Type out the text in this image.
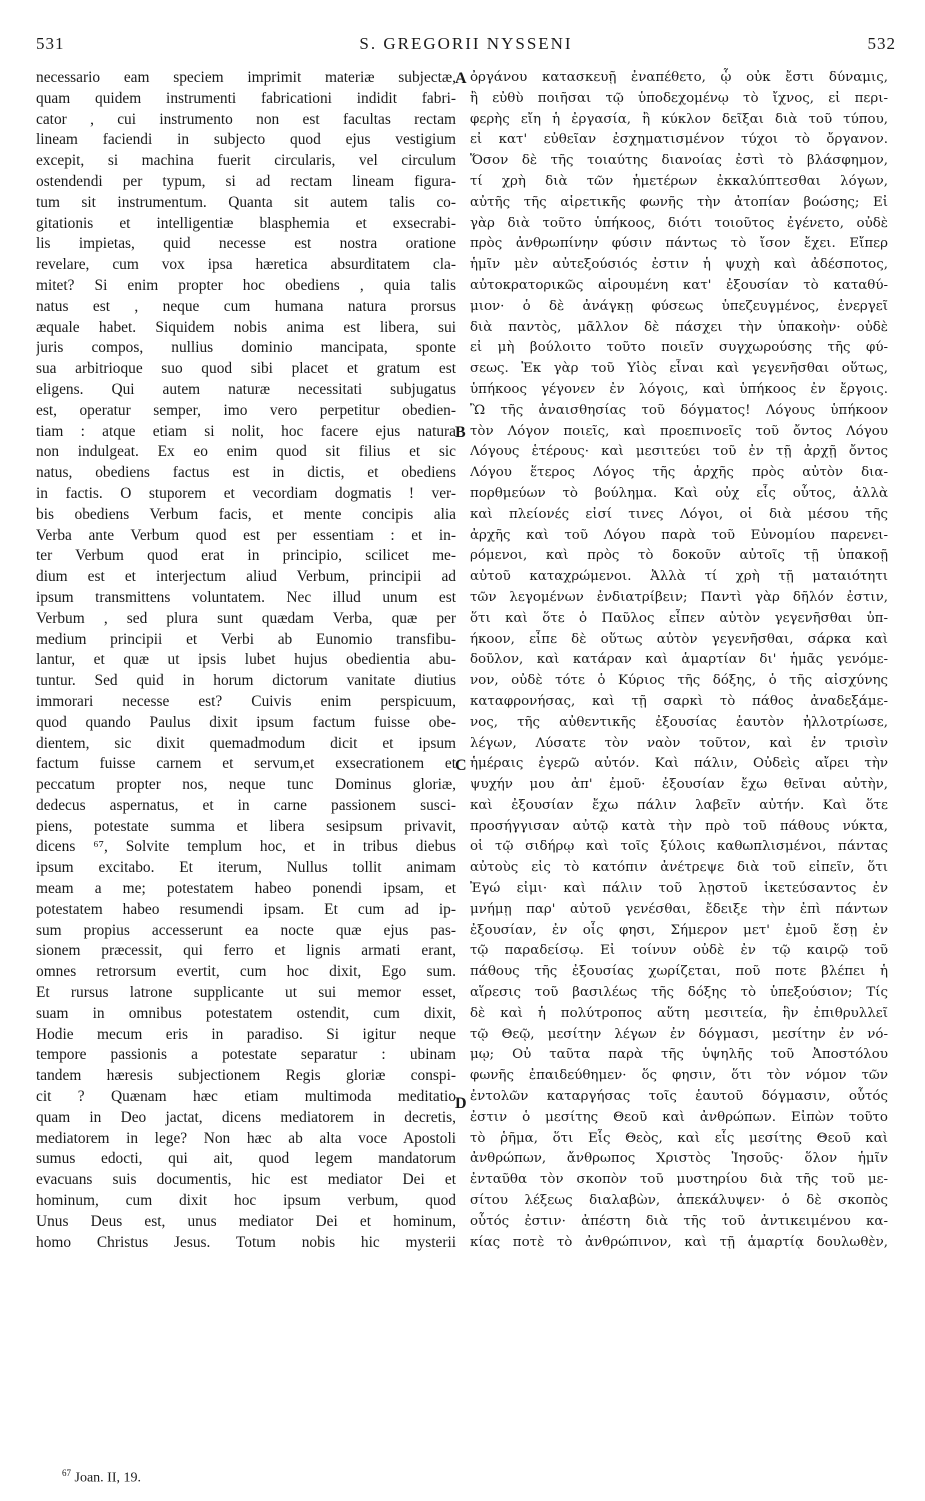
531	S. GREGORII NYSSENI	532
necessario eam speciem imprimit materiæ subjectæ,
quam quidem instrumenti fabricationi indidit fabri-
cator , cui instrumento non est facultas rectam
lineam faciendi in subjecto quod ejus vestigium
excepit, si machina fuerit circularis, vel circulum
ostendendi per typum, si ad rectam lineam figura-
tum sit instrumentum. Quanta sit autem talis co-
gitationis et intelligentiæ blasphemia et exsecrabi-
lis impietas, quid necesse est nostra oratione
revelare, cum vox ipsa hæretica absurditatem cla-
mitet? Si enim propter hoc obediens , quia talis
natus est , neque cum humana natura prorsus
æquale habet. Siquidem nobis anima est libera, sui
juris compos, nullius dominio mancipata, sponte
sua arbitrioque suo quod sibi placet et gratum est
eligens. Qui autem naturæ necessitati subjugatus
est, operatur semper, imo vero perpetitur obedien-
tiam : atque etiam si nolit, hoc facere ejus natura
non indulgeat. Ex eo enim quod sit filius et sic
natus, obediens factus est in dictis, et obediens
in factis. O stuporem et vecordiam dogmatis ! ver-
bis obediens Verbum facis, et mente concipis alia
Verba ante Verbum quod est per essentiam : et in-
ter Verbum quod erat in principio, scilicet me-
dium est et interjectum aliud Verbum, principii ad
ipsum transmittens voluntatem. Nec illud unum est
Verbum , sed plura sunt quædam Verba, quæ per
medium principii et Verbi ab Eunomio transfibu-
lantur, et quæ ut ipsis lubet hujus obedientia abu-
tuntur. Sed quid in horum dictorum vanitate diutius
immorari necesse est? Cuivis enim perspicuum,
quod quando Paulus dixit ipsum factum fuisse obe-
dientem, sic dixit quemadmodum dicit et ipsum
factum fuisse carnem et servum,et exsecrationem et
peccatum propter nos, neque tunc Dominus gloriæ,
dedecus aspernatus, et in carne passionem susci-
piens, potestate summa et libera sesipsum privavit,
dicens ⁶⁷, Solvite templum hoc, et in tribus diebus
ipsum excitabo. Et iterum, Nullus tollit animam
meam a me; potestatem habeo ponendi ipsam, et
potestatem habeo resumendi ipsam. Et cum ad ip-
sum propius accesserunt ea nocte quæ ejus pas-
sionem præcessit, qui ferro et lignis armati erant,
omnes retrorsum evertit, cum hoc dixit, Ego sum.
Et rursus latrone supplicante ut sui memor esset,
suam in omnibus potestatem ostendit, cum dixit,
Hodie mecum eris in paradiso. Si igitur neque
tempore passionis a potestate separatur : ubinam
tandem hæresis subjectionem Regis gloriæ conspi-
cit ? Quænam hæc etiam multimoda meditatio
quam in Deo jactat, dicens mediatorem in decretis,
mediatorem in lege? Non hæc ab alta voce Apostoli
sumus edocti, qui ait, quod legem mandatorum
evacuans suis documentis, hic est mediator Dei et
hominum, cum dixit hoc ipsum verbum, quod
Unus Deus est, unus mediator Dei et hominum,
homo Christus Jesus. Totum nobis hic mysterii
ὀργάνου κατασκευῇ ἐναπέθετο, ᾧ οὐκ ἔστι δύναμις,
ἢ εὐθὺ ποιῆσαι τῷ ὑποδεχομένῳ τὸ ἴχνος, εἰ περι-
φερὴς εἴη ἡ ἐργασία, ἢ κύκλον δεῖξαι διὰ τοῦ τύπου,
εἰ κατ' εὐθεῖαν ἐσχηματισμένον τύχοι τὸ ὄργανον.
Ὅσον δὲ τῆς τοιαύτης διανοίας ἐστὶ τὸ βλάσφημον,
τί χρὴ διὰ τῶν ἡμετέρων ἐκκαλύπτεσθαι λόγων,
αὐτῆς τῆς αἱρετικῆς φωνῆς τὴν ἀτοπίαν βοώσης; Εἰ
γὰρ διὰ τοῦτο ὑπήκοος, διότι τοιοῦτος ἐγένετο, οὐδὲ
πρὸς ἀνθρωπίνην φύσιν πάντως τὸ ἴσον ἔχει. Εἴπερ
ἡμῖν μὲν αὐτεξούσιός ἐστιν ἡ ψυχὴ καὶ ἀδέσποτος,
αὐτοκρατορικῶς αἱρουμένη κατ' ἐξουσίαν τὸ καταθύ-
μιον· ὁ δὲ ἀνάγκῃ φύσεως ὑπεζευγμένος, ἐνεργεῖ
διὰ παντὸς, μᾶλλον δὲ πάσχει τὴν ὑπακοὴν· οὐδὲ
εἰ μὴ βούλοιτο τοῦτο ποιεῖν συγχωρούσης τῆς φύ-
σεως. Ἐκ γὰρ τοῦ Υἱὸς εἶναι καὶ γεγενῆσθαι οὕτως,
ὑπήκοος γέγονεν ἐν λόγοις, καὶ ὑπήκοος ἐν ἔργοις.
Ὢ τῆς ἀναισθησίας τοῦ δόγματος! Λόγους ὑπήκοον
τὸν Λόγον ποιεῖς, καὶ προεπινοεῖς τοῦ ὄντος Λόγου
Λόγους ἑτέρους· καὶ μεσιτεύει τοῦ ἐν τῇ ἀρχῇ ὄντος
Λόγου ἕτερος Λόγος τῆς ἀρχῆς πρὸς αὐτὸν δια-
πορθμεύων τὸ βούλημα. Καὶ οὐχ εἷς οὗτος, ἀλλὰ
καὶ πλείονές εἰσί τινες Λόγοι, οἱ διὰ μέσου τῆς
ἀρχῆς καὶ τοῦ Λόγου παρὰ τοῦ Εὐνομίου παρενει-
ρόμενοι, καὶ πρὸς τὸ δοκοῦν αὐτοῖς τῇ ὑπακοῇ
αὐτοῦ καταχρώμενοι. Ἀλλὰ τί χρὴ τῇ ματαιότητι
τῶν λεγομένων ἐνδιατρίβειν; Παντὶ γὰρ δῆλόν ἐστιν,
ὅτι καὶ ὅτε ὁ Παῦλος εἶπεν αὐτὸν γεγενῆσθαι ὑπ-
ήκοον, εἶπε δὲ οὕτως αὐτὸν γεγενῆσθαι, σάρκα καὶ
δοῦλον, καὶ κατάραν καὶ ἁμαρτίαν δι' ἡμᾶς γενόμε-
νον, οὐδὲ τότε ὁ Κύριος τῆς δόξης, ὁ τῆς αἰσχύνης
καταφρονήσας, καὶ τῇ σαρκὶ τὸ πάθος ἀναδεξάμε-
νος, τῆς αὐθεντικῆς ἐξουσίας ἑαυτὸν ἠλλοτρίωσε,
λέγων, Λύσατε τὸν ναὸν τοῦτον, καὶ ἐν τρισὶν
ἡμέραις ἐγερῶ αὐτόν. Καὶ πάλιν, Οὐδεὶς αἴρει τὴν
ψυχήν μου ἀπ' ἐμοῦ· ἐξουσίαν ἔχω θεῖναι αὐτὴν,
καὶ ἐξουσίαν ἔχω πάλιν λαβεῖν αὐτήν. Καὶ ὅτε
προσήγγισαν αὐτῷ κατὰ τὴν πρὸ τοῦ πάθους νύκτα,
οἱ τῷ σιδήρῳ καὶ τοῖς ξύλοις καθωπλισμένοι, πάντας
αὐτοὺς εἰς τὸ κατόπιν ἀνέτρεψε διὰ τοῦ εἰπεῖν, ὅτι
Ἐγώ εἰμι· καὶ πάλιν τοῦ λῃστοῦ ἱκετεύσαντος ἐν
μνήμῃ παρ' αὐτοῦ γενέσθαι, ἔδειξε τὴν ἐπὶ πάντων
ἐξουσίαν, ἐν οἷς φησι, Σήμερον μετ' ἐμοῦ ἔσῃ ἐν
τῷ παραδείσῳ. Εἰ τοίνυν οὐδὲ ἐν τῷ καιρῷ τοῦ
πάθους τῆς ἐξουσίας χωρίζεται, ποῦ ποτε βλέπει ἡ
αἵρεσις τοῦ βασιλέως τῆς δόξης τὸ ὑπεξούσιον; Τίς
δὲ καὶ ἡ πολύτροπος αὕτη μεσιτεία, ἣν ἐπιθρυλλεῖ
τῷ Θεῷ, μεσίτην λέγων ἐν δόγμασι, μεσίτην ἐν νό-
μῳ; Οὐ ταῦτα παρὰ τῆς ὑψηλῆς τοῦ Ἀποστόλου
φωνῆς ἐπαιδεύθημεν· ὅς φησιν, ὅτι τὸν νόμον τῶν
ἐντολῶν καταργήσας τοῖς ἑαυτοῦ δόγμασιν, οὗτός
ἐστιν ὁ μεσίτης Θεοῦ καὶ ἀνθρώπων. Εἰπὼν τοῦτο
τὸ ῥῆμα, ὅτι Εἷς Θεὸς, καὶ εἷς μεσίτης Θεοῦ καὶ
ἀνθρώπων, ἄνθρωπος Χριστὸς Ἰησοῦς· ὅλον ἡμῖν
ἐνταῦθα τὸν σκοπὸν τοῦ μυστηρίου διὰ τῆς τοῦ με-
σίτου λέξεως διαλαβὼν, ἀπεκάλυψεν· ὁ δὲ σκοπὸς
οὗτός ἐστιν· ἀπέστη διὰ τῆς τοῦ ἀντικειμένου κα-
κίας ποτὲ τὸ ἀνθρώπινον, καὶ τῇ ἁμαρτίᾳ δουλωθὲν,
A
B
C
D
$^{67}$ Joan. II, 19.
